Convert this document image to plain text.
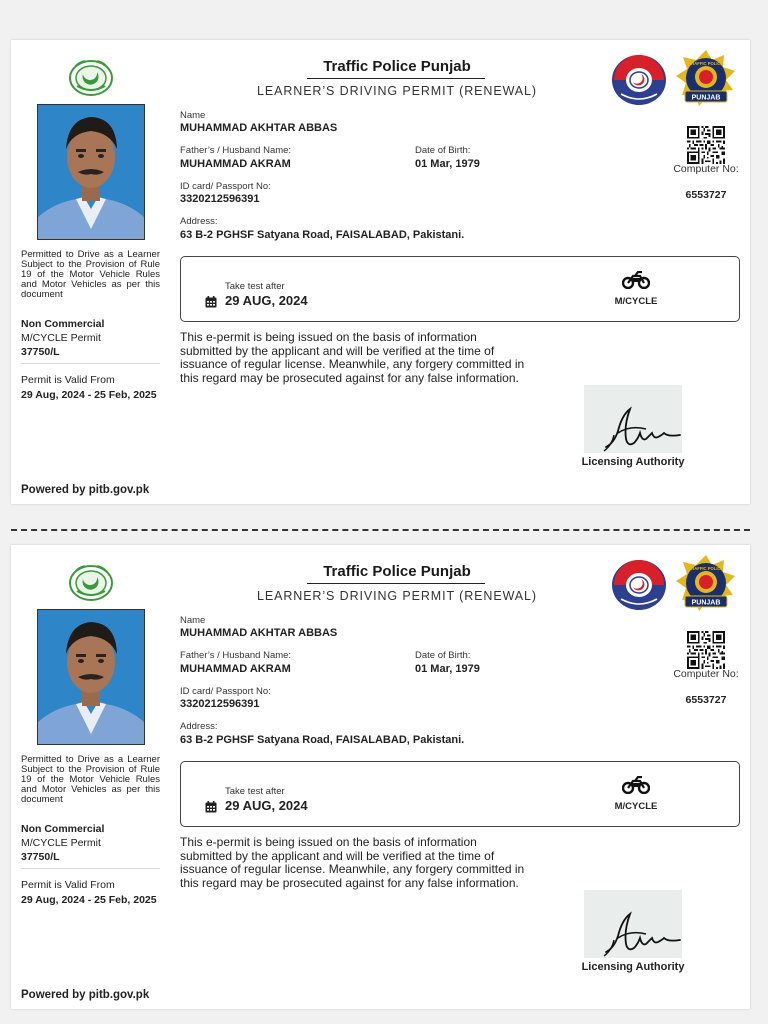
PUNJAB
TRAFFIC POLICE
Traffic Police Punjab
LEARNER’S DRIVING PERMIT (RENEWAL)
Permitted to Drive as a Learner Subject to the Provision of Rule 19 of the Motor Vehicle Rules and Motor Vehicles as per this document
Non Commercial
M/CYCLE Permit
37750/L
Permit is Valid From
29 Aug, 2024 - 25 Feb, 2025
Powered by pitb.gov.pk
Name
MUHAMMAD AKHTAR ABBAS
Father’s / Husband Name:
MUHAMMAD AKRAM
Date of Birth:
01 Mar, 1979
ID card/ Passport No:
3320212596391
Address:
63 B-2 PGHSF Satyana Road, FAISALABAD, Pakistani.
Computer No:
6553727
Take test after
29 AUG, 2024	M/CYCLE
This e-permit is being issued on the basis of information submitted by the applicant and will be verified at the time of issuance of regular license. Meanwhile, any forgery committed in this regard may be prosecuted against for any false information.
Licensing Authority
PUNJAB
TRAFFIC POLICE
Traffic Police Punjab
LEARNER’S DRIVING PERMIT (RENEWAL)
Permitted to Drive as a Learner Subject to the Provision of Rule 19 of the Motor Vehicle Rules and Motor Vehicles as per this document
Non Commercial
M/CYCLE Permit
37750/L
Permit is Valid From
29 Aug, 2024 - 25 Feb, 2025
Powered by pitb.gov.pk
Name
MUHAMMAD AKHTAR ABBAS
Father’s / Husband Name:
MUHAMMAD AKRAM
Date of Birth:
01 Mar, 1979
ID card/ Passport No:
3320212596391
Address:
63 B-2 PGHSF Satyana Road, FAISALABAD, Pakistani.
Computer No:
6553727
Take test after
29 AUG, 2024	M/CYCLE
This e-permit is being issued on the basis of information submitted by the applicant and will be verified at the time of issuance of regular license. Meanwhile, any forgery committed in this regard may be prosecuted against for any false information.
Licensing Authority
